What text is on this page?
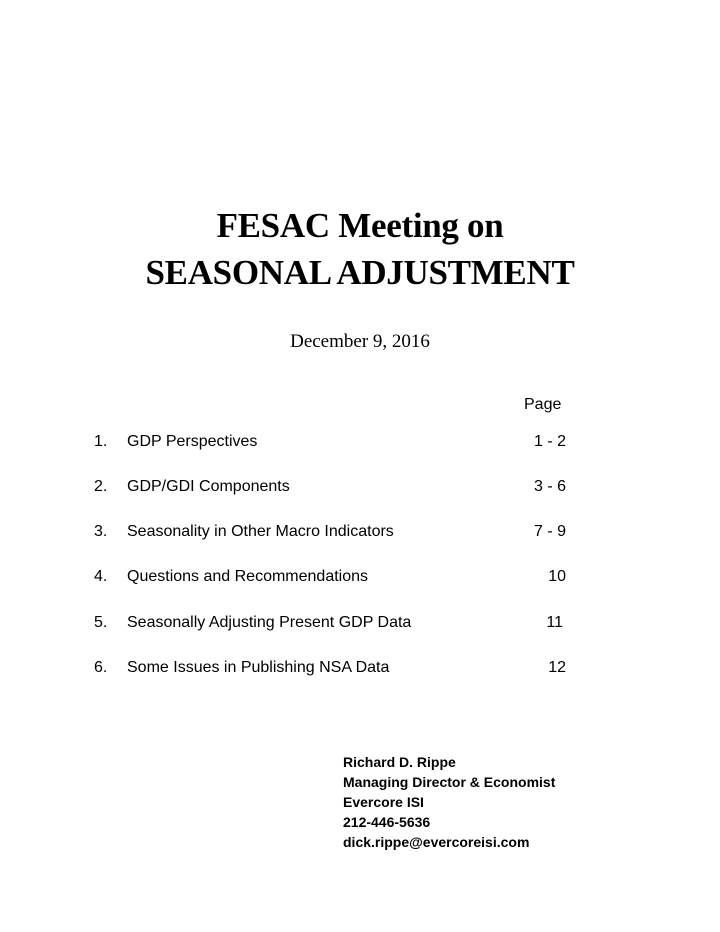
FESAC Meeting on
SEASONAL ADJUSTMENT
December 9, 2016
Page
1. GDP Perspectives	1 - 2
2. GDP/GDI Components	3 - 6
3. Seasonality in Other Macro Indicators	7 - 9
4. Questions and Recommendations	10
5. Seasonally Adjusting Present GDP Data	11
6. Some Issues in Publishing NSA Data	12
Richard D. Rippe
Managing Director & Economist
Evercore ISI
212-446-5636
dick.rippe@evercoreisi.com
